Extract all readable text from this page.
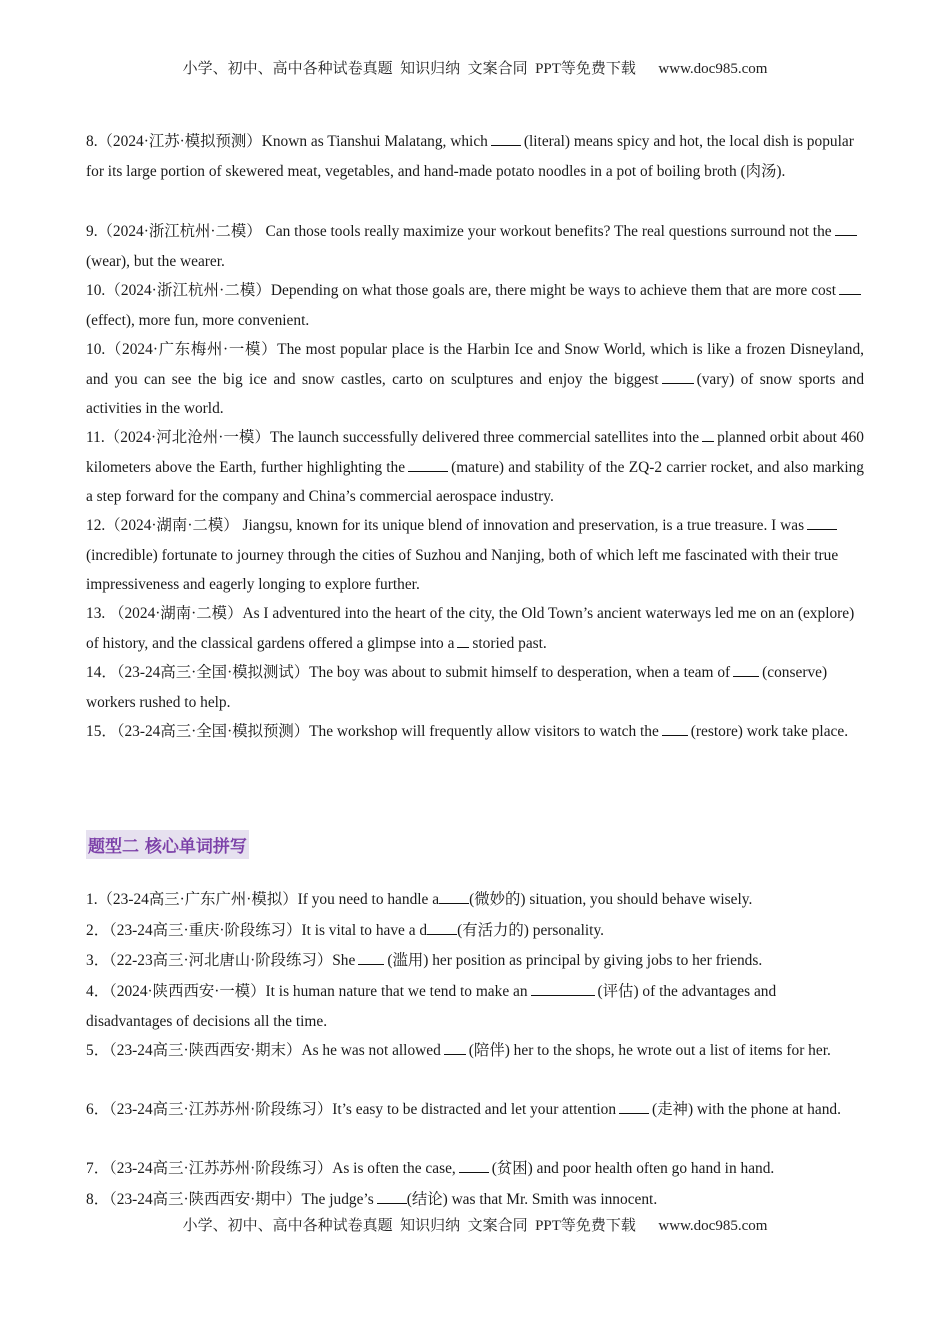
小学、初中、高中各种试卷真题  知识归纳  文案合同  PPT等免费下载      www.doc985.com
8.（2024·江苏·模拟预测）Known as Tianshui Malatang, which (literal) means spicy and hot, the local dish is popular for its large portion of skewered meat, vegetables, and hand-made potato noodles in a pot of boiling broth (肉汤).
9.（2024·浙江杭州·二模） Can those tools really maximize your workout benefits? The real questions surround not the(wear), but the wearer.
10.（2024·浙江杭州·二模）Depending on what those goals are, there might be ways to achieve them that are more cost(effect), more fun, more convenient.
10.（2024·广东梅州·一模）The most popular place is the Harbin Ice and Snow World, which is like a frozen Disneyland, and you can see the big ice and snow castles, carto on sculptures and enjoy the biggest (vary) of snow sports and activities in the world.
11.（2024·河北沧州·一模）The launch successfully delivered three commercial satellites into the planned orbit about 460 kilometers above the Earth, further highlighting the	(mature) and stability of the ZQ-2 carrier rocket, and also marking a step forward for the company and China’s commercial aerospace industry.
12.（2024·湖南·二模） Jiangsu, known for its unique blend of innovation and preservation, is a true treasure. I was(incredible) fortunate to journey through the cities of Suzhou and Nanjing, both of which left me fascinated with their true impressiveness and eagerly longing to explore further.
13. （2024·湖南·二模）As I adventured into the heart of the city, the Old Town’s ancient waterways led me on an (explore) of history, and the classical gardens offered a glimpse into a storied past.
14．（23-24高三·全国·模拟测试）The boy was about to submit himself to desperation, when a team of (conserve) workers rushed to help.
15．（23-24高三·全国·模拟预测）The workshop will frequently allow visitors to watch the (restore) work take place.
题型二 核心单词拼写
1.（23-24高三·广东广州·模拟）If you need to handle a (微妙的) situation, you should behave wisely.
2．（23-24高三·重庆·阶段练习）It is vital to have a d (有活力的) personality.
3．（22-23高三·河北唐山·阶段练习）She (滥用) her position as principal by giving jobs to her friends.
4．（2024·陕西西安·一模）It is human nature that we tend to make an	(评估) of the advantages and disadvantages of decisions all the time.
5．（23-24高三·陕西西安·期末）As he was not allowed (陪伴) her to the shops, he wrote out a list of items for her.
6．（23-24高三·江苏苏州·阶段练习）It’s easy to be distracted and let your attention (走神) with the phone at hand.
7．（23-24高三·江苏苏州·阶段练习）As is often the case, (贫困) and poor health often go hand in hand.
8．（23-24高三·陕西西安·期中）The judge’s (结论) was that Mr. Smith was innocent.
小学、初中、高中各种试卷真题  知识归纳  文案合同  PPT等免费下载      www.doc985.com
